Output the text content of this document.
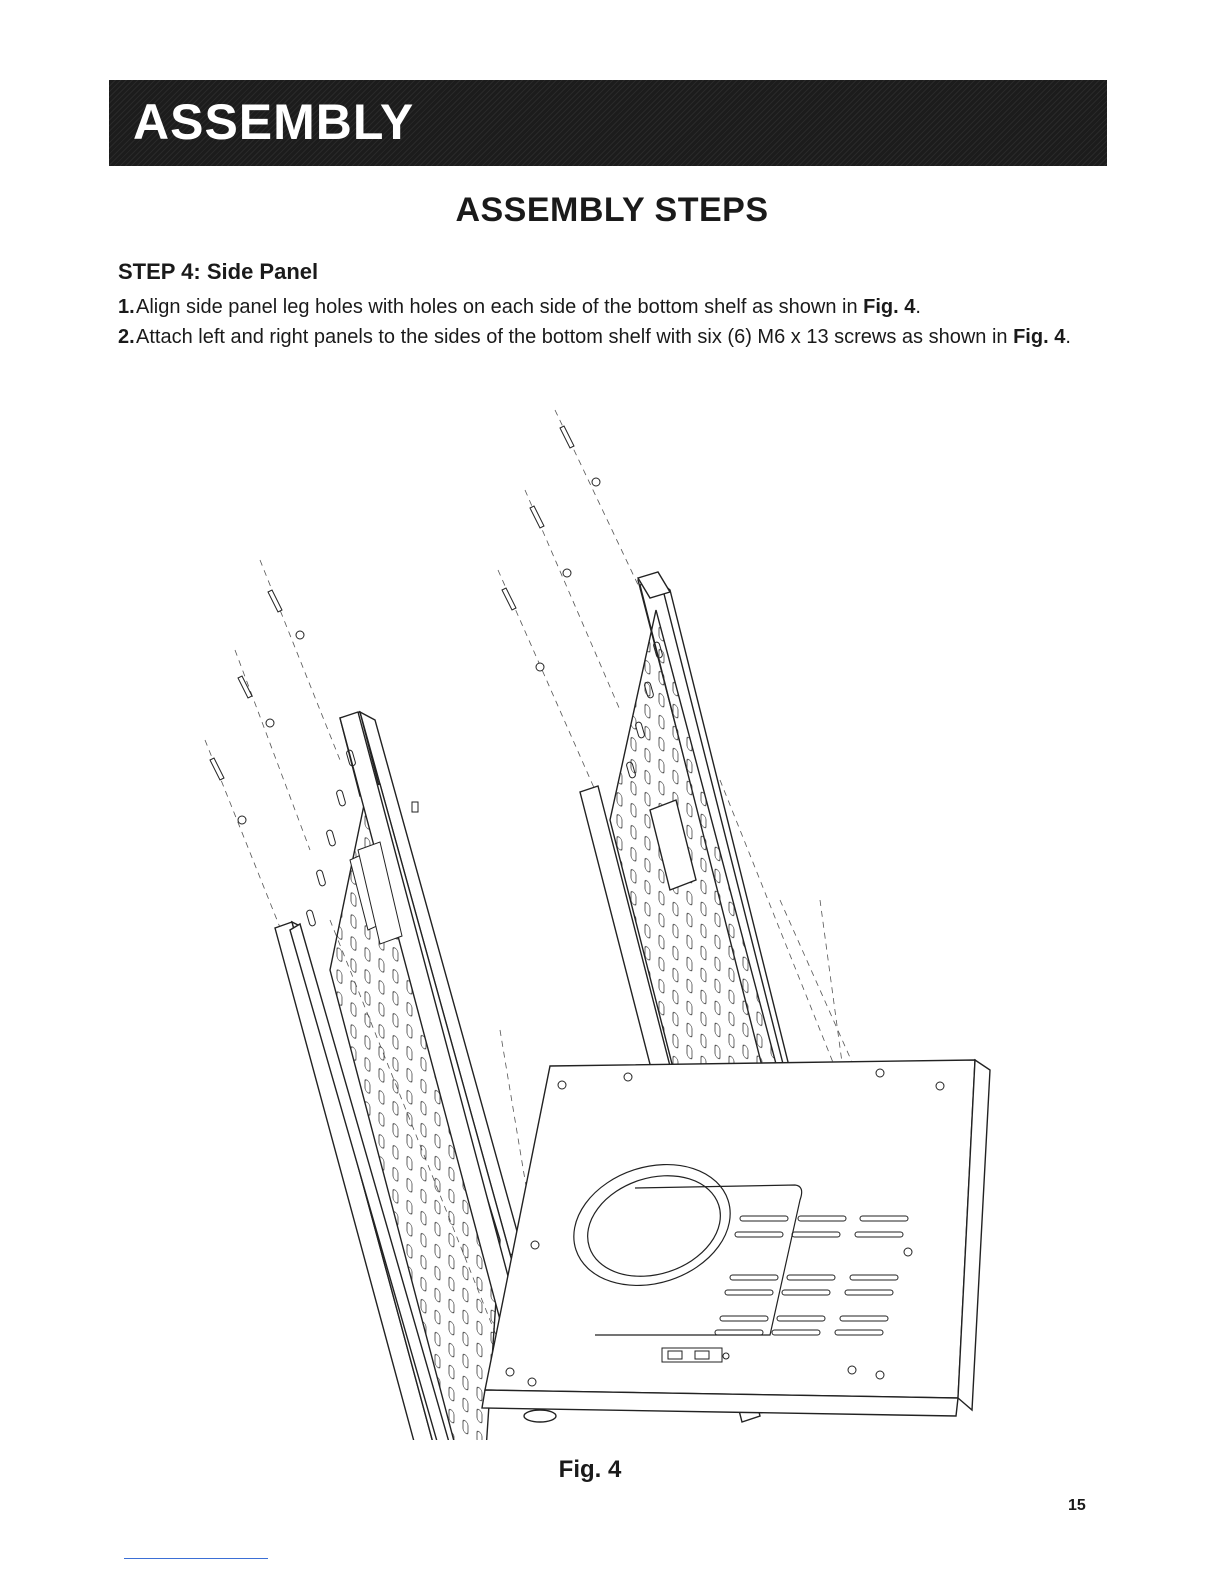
ASSEMBLY
ASSEMBLY STEPS
STEP 4: Side Panel
1. Align side panel leg holes with holes on each side of the bottom shelf as shown in Fig. 4.
2. Attach left and right panels to the sides of the bottom shelf with six (6) M6 x 13 screws as shown in Fig. 4.
Fig. 4
15
